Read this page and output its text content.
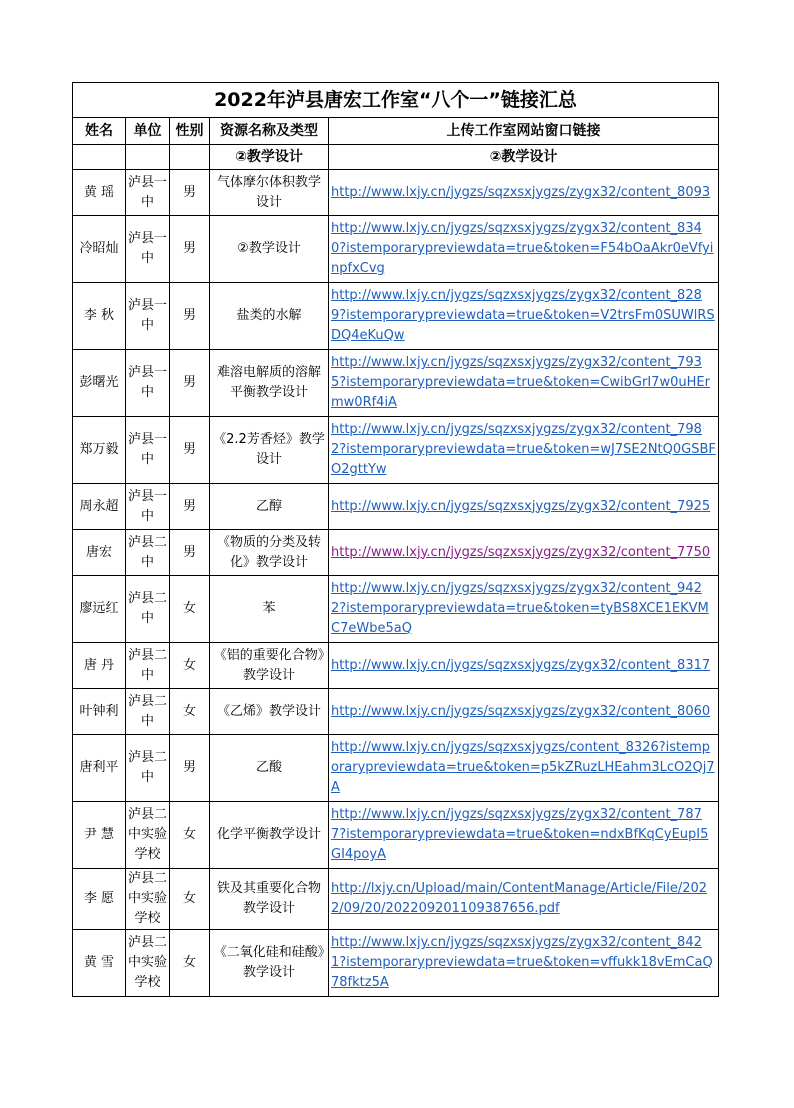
2022年泸县唐宏工作室“八个一”链接汇总				
姓名	单位	性别	资源名称及类型	上传工作室网站窗口链接
			②教学设计	②教学设计
黄 瑶	泸县一中	男	气体摩尔体积教学设计	http://www.lxjy.cn/jygzs/sqzxsxjygzs/zygx32/content_8093
冷昭灿	泸县一中	男	②教学设计	http://www.lxjy.cn/jygzs/sqzxsxjygzs/zygx32/content_8340?istemporarypreviewdata=true&token=F54bOaAkr0eVfyinpfxCvg
李 秋	泸县一中	男	盐类的水解	http://www.lxjy.cn/jygzs/sqzxsxjygzs/zygx32/content_8289?istemporarypreviewdata=true&token=V2trsFm0SUWlRSDQ4eKuQw
彭曙光	泸县一中	男	难溶电解质的溶解平衡教学设计	http://www.lxjy.cn/jygzs/sqzxsxjygzs/zygx32/content_7935?istemporarypreviewdata=true&token=CwibGrI7w0uHErmw0Rf4iA
郑万毅	泸县一中	男	《2.2芳香烃》教学设计	http://www.lxjy.cn/jygzs/sqzxsxjygzs/zygx32/content_7982?istemporarypreviewdata=true&token=wJ7SE2NtQ0GSBFO2gttYw
周永超	泸县一中	男	乙醇	http://www.lxjy.cn/jygzs/sqzxsxjygzs/zygx32/content_7925
唐宏	泸县二中	男	《物质的分类及转化》教学设计	http://www.lxjy.cn/jygzs/sqzxsxjygzs/zygx32/content_7750
廖远红	泸县二中	女	苯	http://www.lxjy.cn/jygzs/sqzxsxjygzs/zygx32/content_9422?istemporarypreviewdata=true&token=tyBS8XCE1EKVMC7eWbe5aQ
唐 丹	泸县二中	女	《铝的重要化合物》教学设计	http://www.lxjy.cn/jygzs/sqzxsxjygzs/zygx32/content_8317
叶钟利	泸县二中	女	《乙烯》教学设计	http://www.lxjy.cn/jygzs/sqzxsxjygzs/zygx32/content_8060
唐利平	泸县二中	男	乙酸	http://www.lxjy.cn/jygzs/sqzxsxjygzs/content_8326?istemporarypreviewdata=true&token=p5kZRuzLHEahm3LcO2Qj7A
尹 慧	泸县二中实验学校	女	化学平衡教学设计	http://www.lxjy.cn/jygzs/sqzxsxjygzs/zygx32/content_7877?istemporarypreviewdata=true&token=ndxBfKqCyEupI5GI4poyA
李 愿	泸县二中实验学校	女	铁及其重要化合物教学设计	http://lxjy.cn/Upload/main/ContentManage/Article/File/2022/09/20/20220920110938765​6.pdf
黄 雪	泸县二中实验学校	女	《二氧化硅和硅酸》教学设计	http://www.lxjy.cn/jygzs/sqzxsxjygzs/zygx32/content_8421?istemporarypreviewdata=true&token=vffukk18vEmCaQ78fktz5A
